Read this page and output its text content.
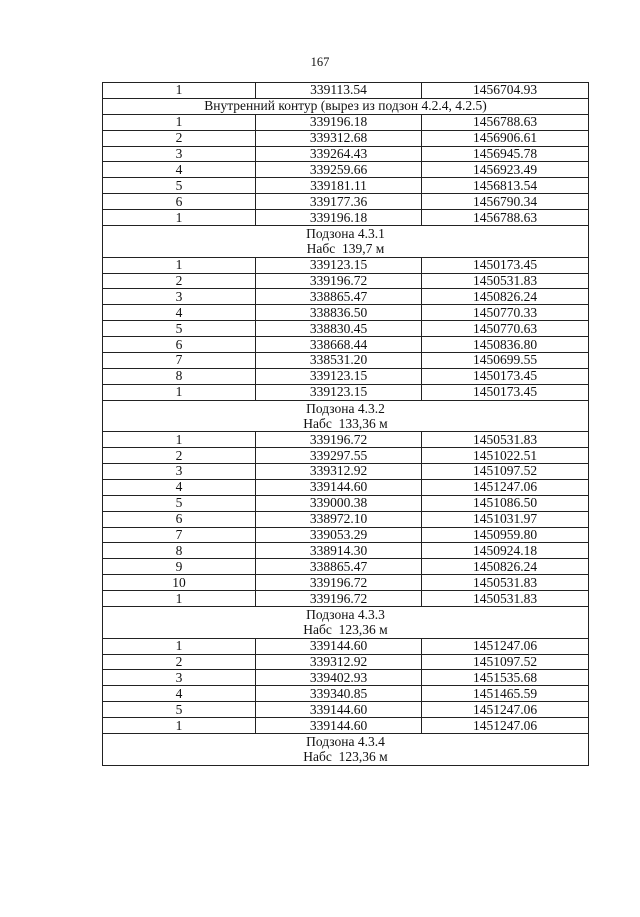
167
1	339113.54	1456704.93

Внутренний контур (вырез из подзон 4.2.4, 4.2.5)		

1	339196.18	1456788.63
2	339312.68	1456906.61
3	339264.43	1456945.78
4	339259.66	1456923.49
5	339181.11	1456813.54
6	339177.36	1456790.34
1	339196.18	1456788.63

Подзона 4.3.1
Набс  139,7 м		

1	339123.15	1450173.45
2	339196.72	1450531.83
3	338865.47	1450826.24
4	338836.50	1450770.33
5	338830.45	1450770.63
6	338668.44	1450836.80
7	338531.20	1450699.55
8	339123.15	1450173.45
1	339123.15	1450173.45

Подзона 4.3.2
Набс  133,36 м		

1	339196.72	1450531.83
2	339297.55	1451022.51
3	339312.92	1451097.52
4	339144.60	1451247.06
5	339000.38	1451086.50
6	338972.10	1451031.97
7	339053.29	1450959.80
8	338914.30	1450924.18
9	338865.47	1450826.24
10	339196.72	1450531.83
1	339196.72	1450531.83

Подзона 4.3.3
Набс  123,36 м		

1	339144.60	1451247.06
2	339312.92	1451097.52
3	339402.93	1451535.68
4	339340.85	1451465.59
5	339144.60	1451247.06
1	339144.60	1451247.06

Подзона 4.3.4
Набс  123,36 м		
